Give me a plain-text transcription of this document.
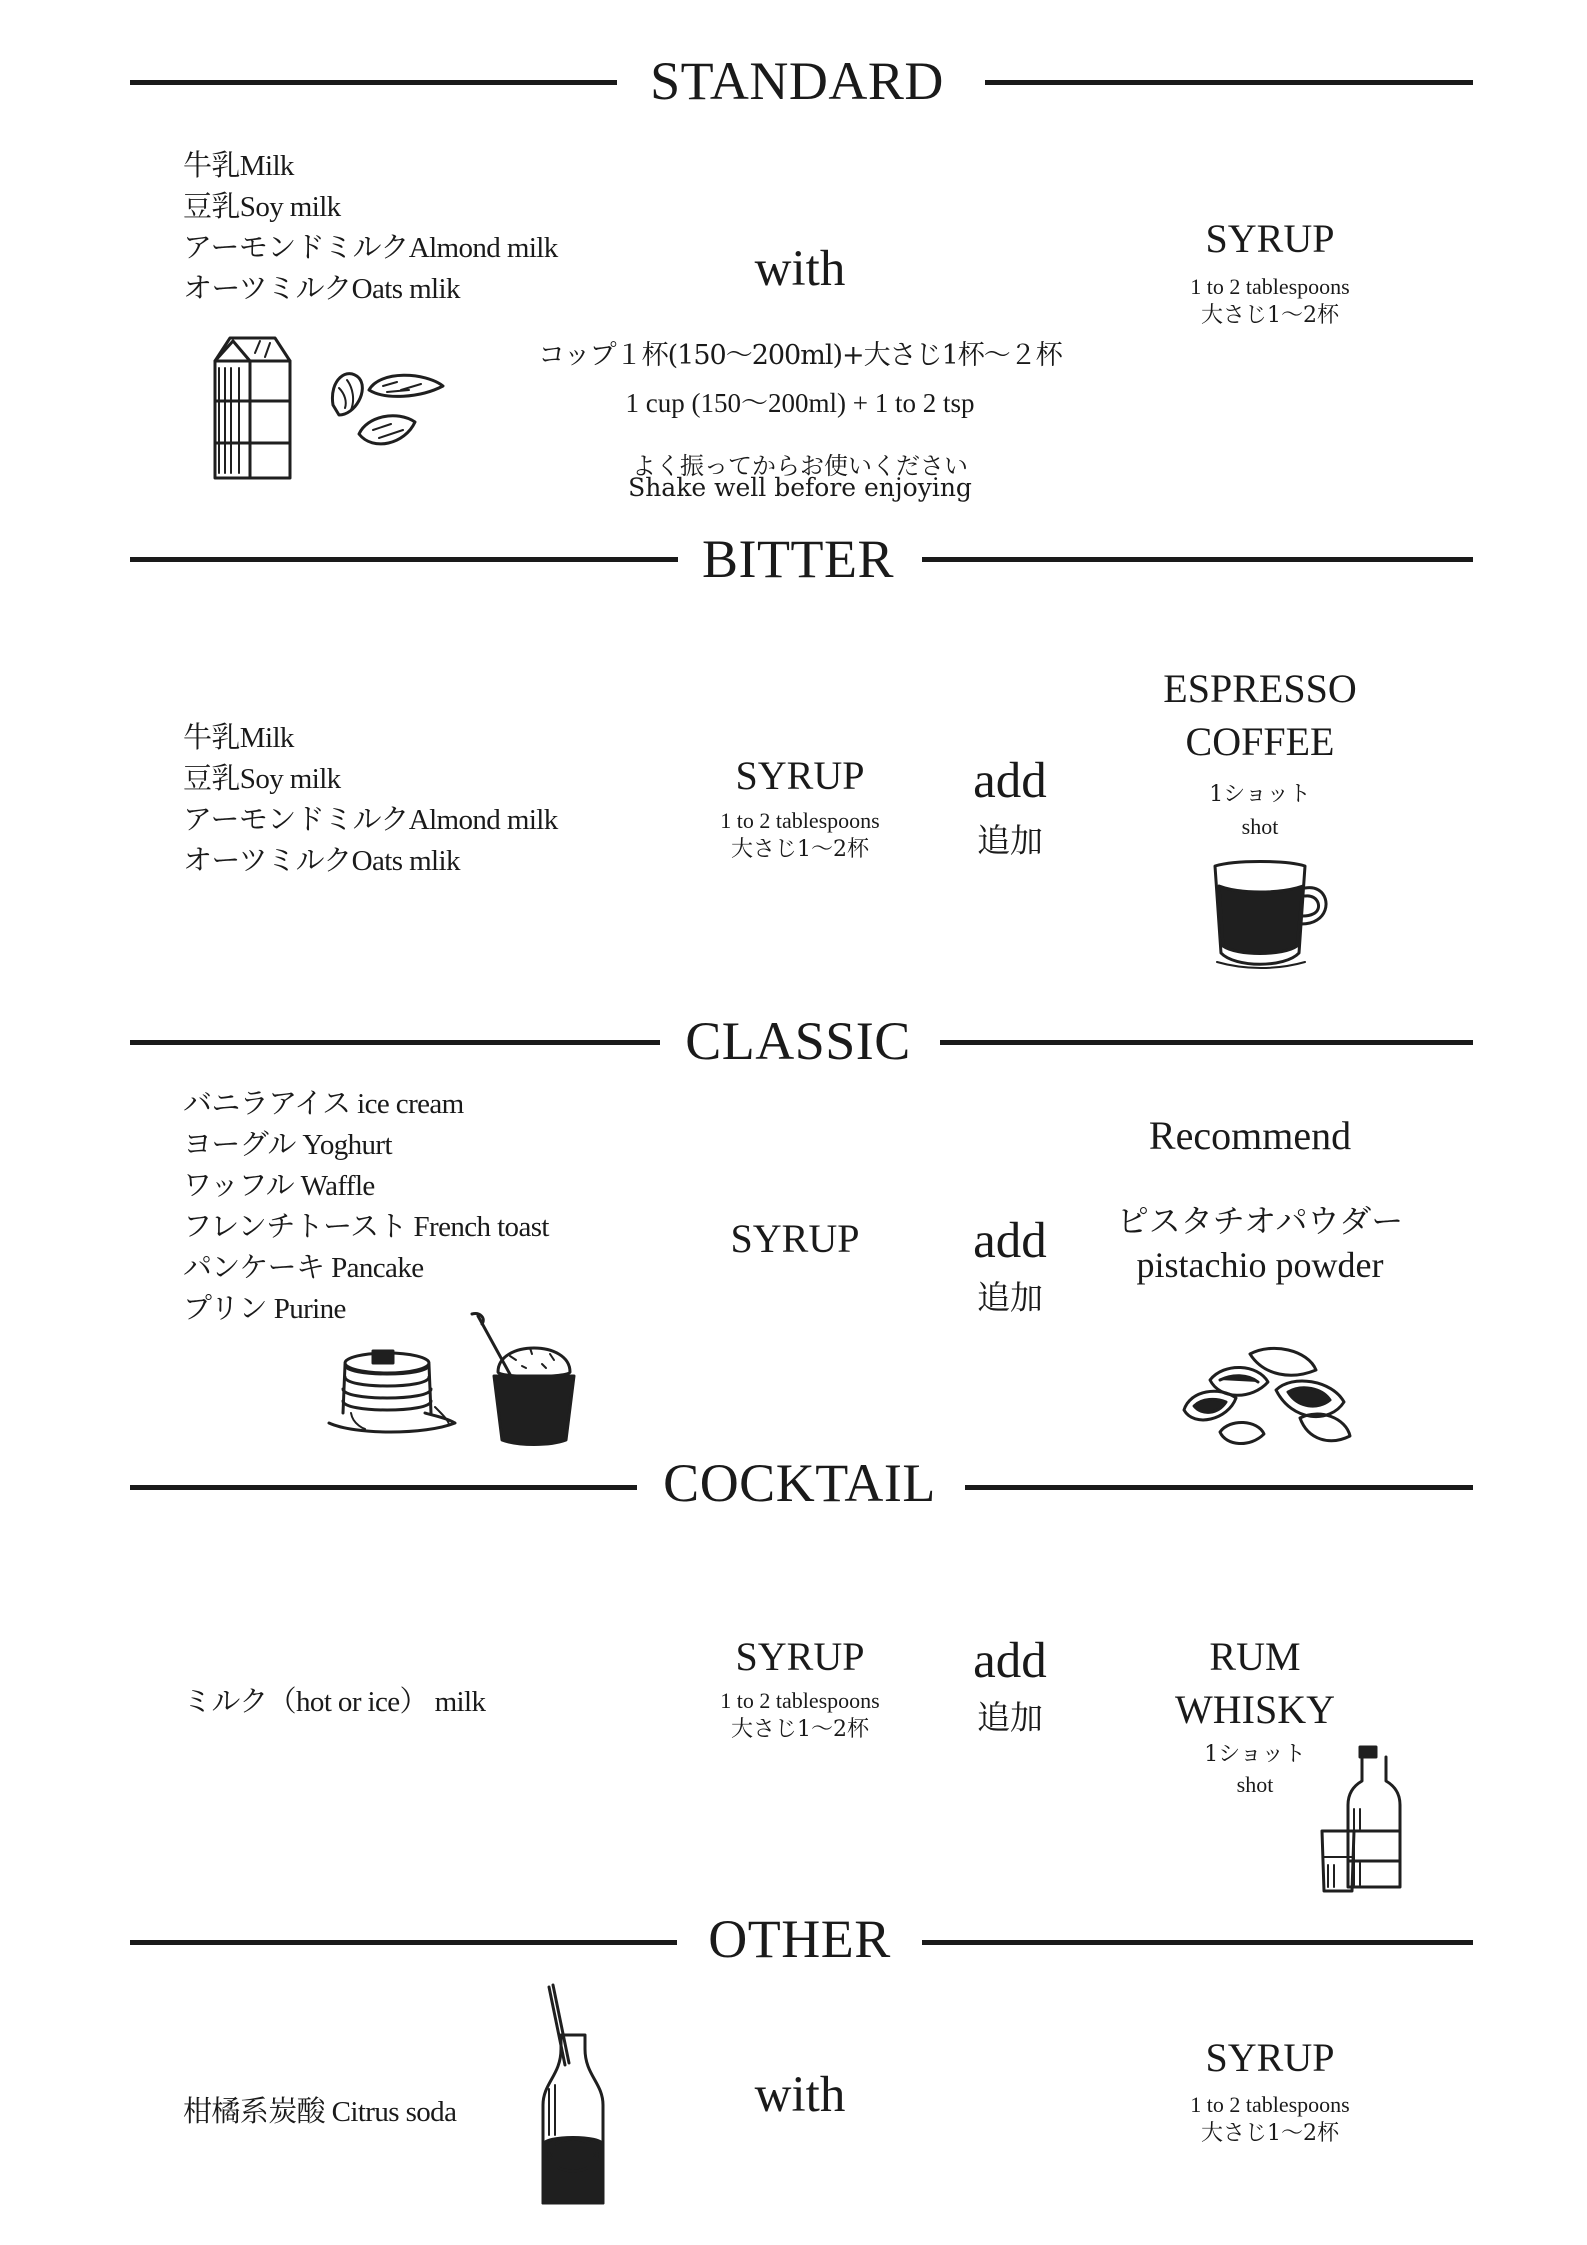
STANDARD
牛乳Milk
豆乳Soy milk
アーモンドミルクAlmond milk
オーツミルクOats mlik	with
SYRUP
1 to 2 tablespoons
大さじ1〜2杯
コップ１杯(150〜200ml)+大さじ1杯〜２杯
1 cup (150〜200ml) + 1 to 2 tsp
よく振ってからお使いください
Shake well before enjoying
BITTER
牛乳Milk
豆乳Soy milk
アーモンドミルクAlmond milk
オーツミルクOats mlik
SYRUP
1 to 2 tablespoons
大さじ1〜2杯
add
追加
ESPRESSO
COFFEE
1ショット
shot
CLASSIC
バニラアイス ice cream
ヨーグル Yoghurt
ワッフル Waffle
フレンチトースト French toast
パンケーキ Pancake
プリン Purine
SYRUP	add
追加
Recommend
ピスタチオパウダー
pistachio powder
COCKTAIL
ミルク（hot or ice） milk
SYRUP
1 to 2 tablespoons
大さじ1〜2杯
add
追加
RUM
WHISKY
1ショット
shot
OTHER
柑橘系炭酸 Citrus soda	with
SYRUP
1 to 2 tablespoons
大さじ1〜2杯
